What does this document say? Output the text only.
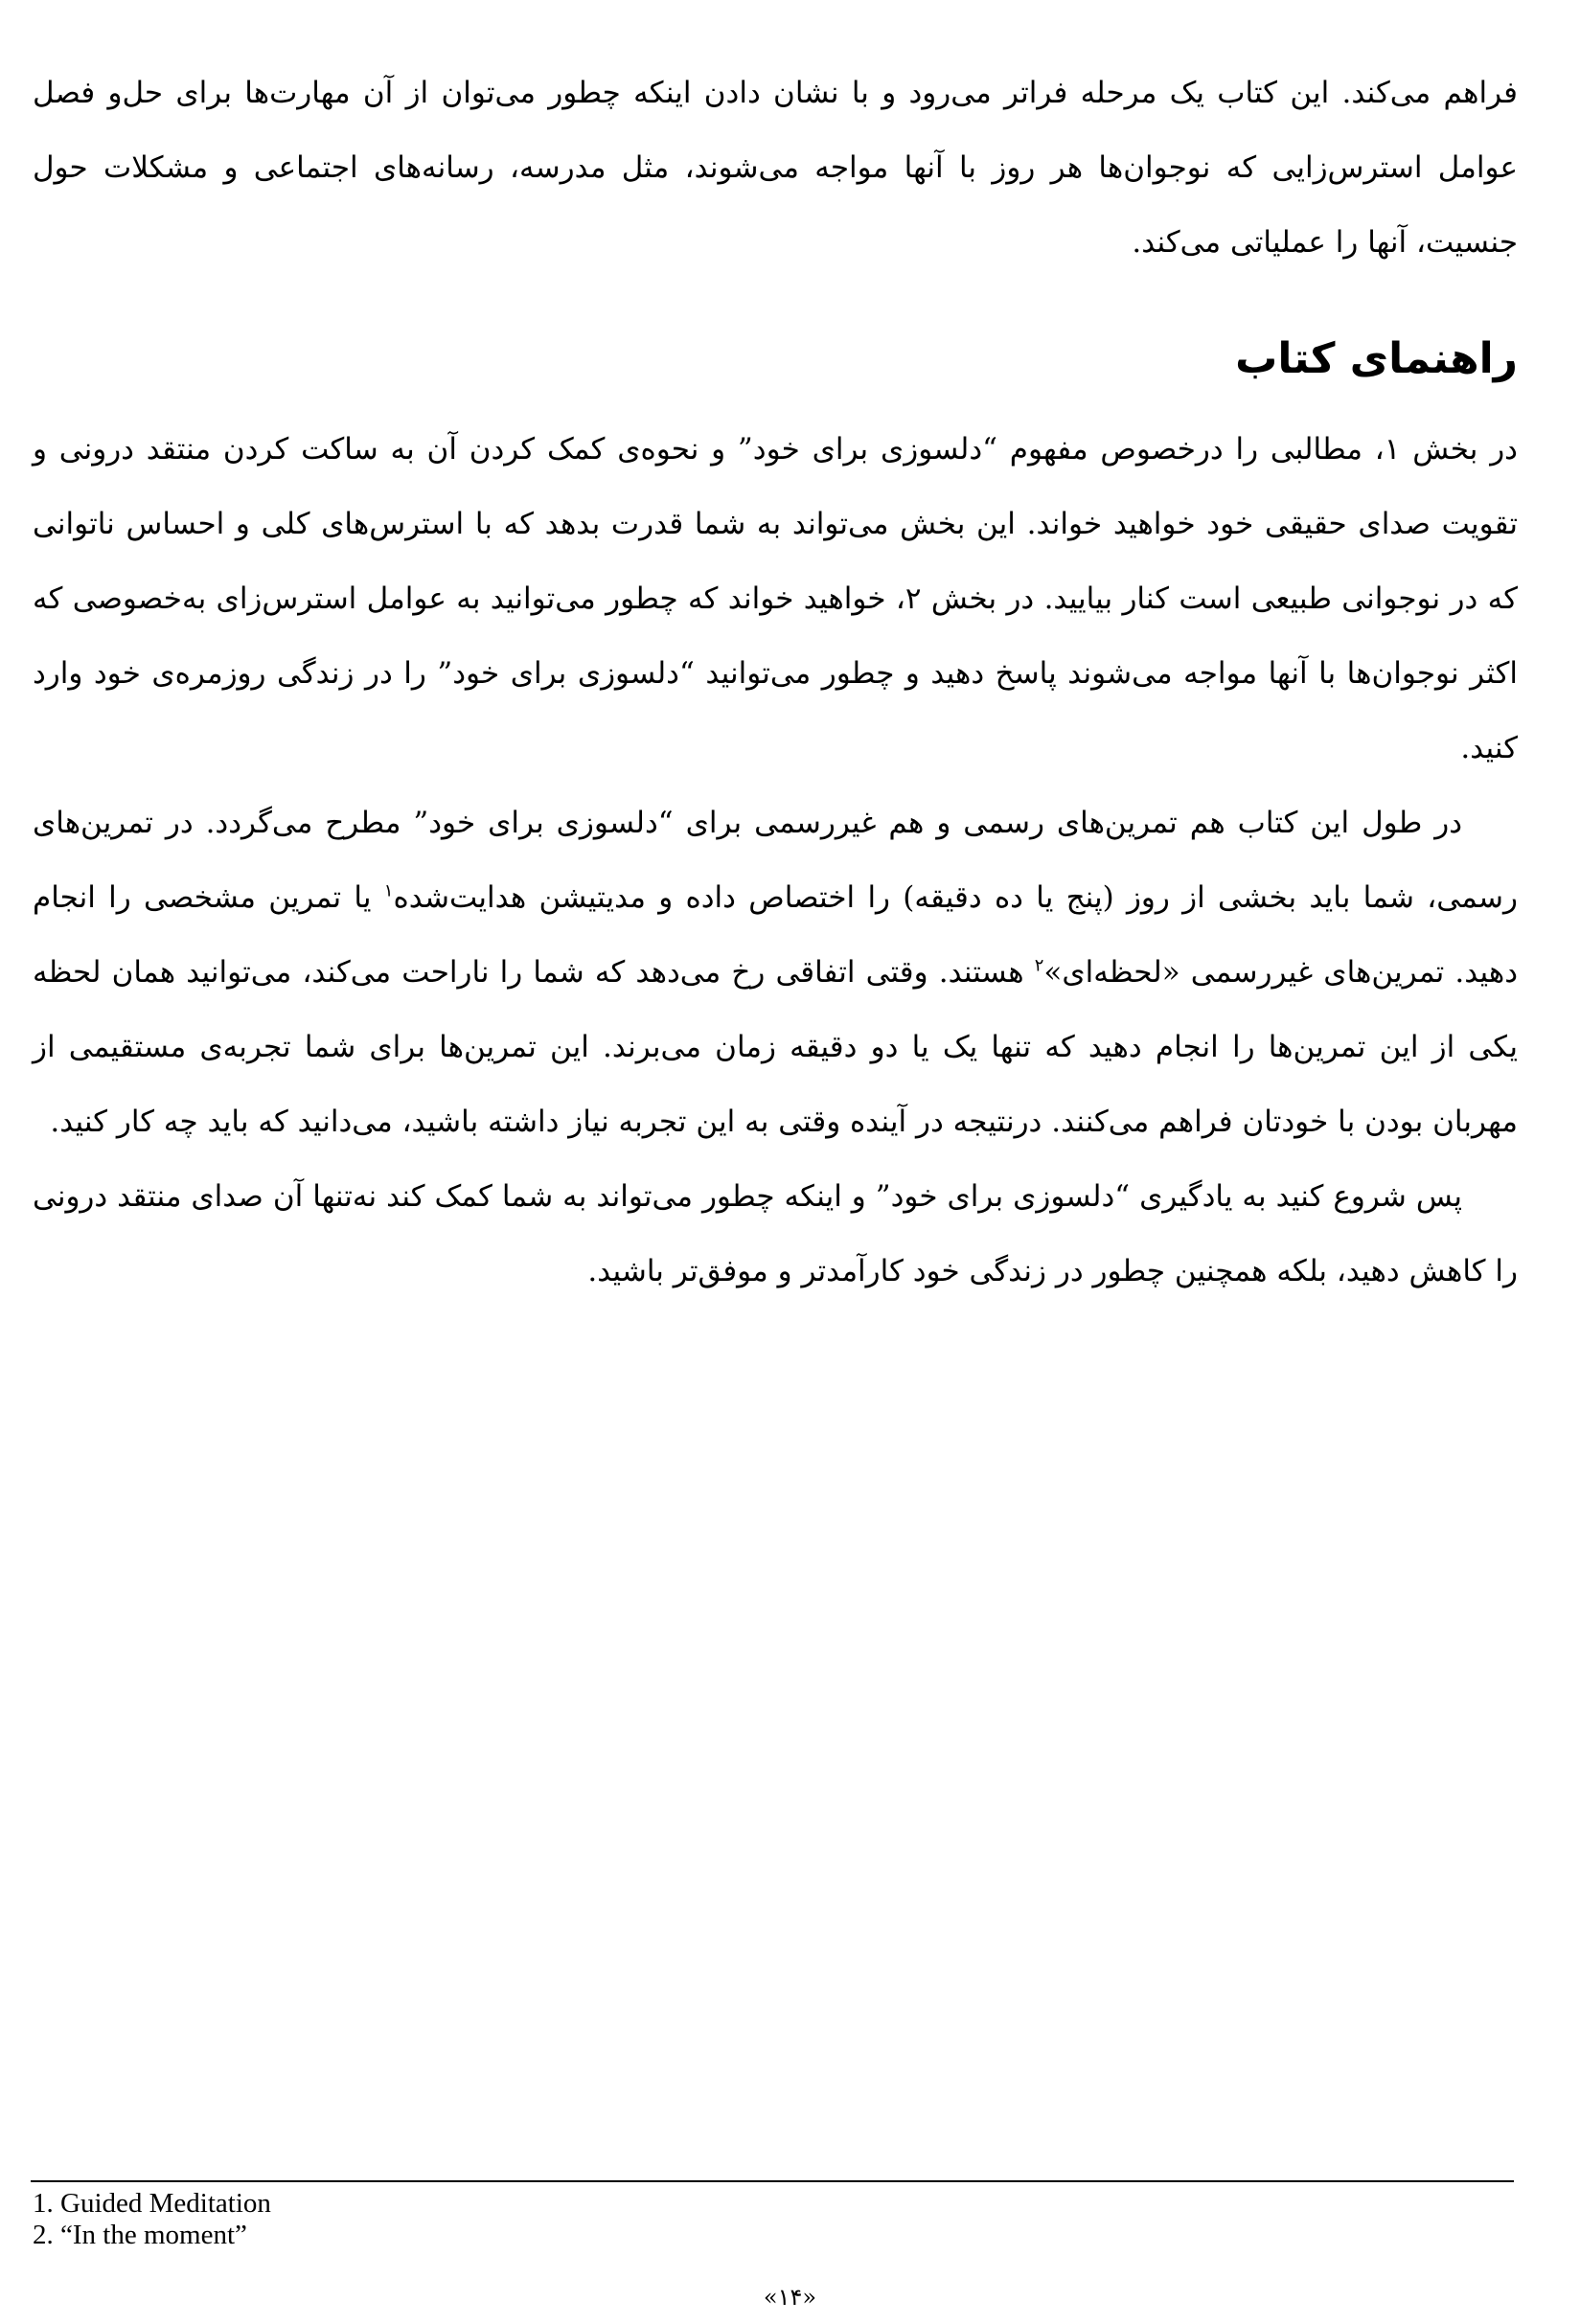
فراهم می‌کند. این کتاب یک مرحله فراتر می‌رود و با نشان دادن اینکه چطور می‌توان از آن مهارت‌ها برای حل‌و فصل عوامل استرس‌زایی که نوجوان‌ها هر روز با آنها مواجه می‌شوند، مثل مدرسه، رسانه‌های اجتماعی و مشکلات حول جنسیت، آنها را عملیاتی می‌کند.

راهنمای کتاب

در بخش ۱، مطالبی را درخصوص مفهوم “دلسوزی برای خود” و نحوه‌ی کمک کردن آن به ساکت کردن منتقد درونی و تقویت صدای حقیقی خود خواهید خواند. این بخش می‌تواند به شما قدرت بدهد که با استرس‌های کلی و احساس ناتوانی که در نوجوانی طبیعی است کنار بیایید. در بخش ۲، خواهید خواند که چطور می‌توانید به عوامل استرس‌زای به‌خصوصی که اکثر نوجوان‌ها با آنها مواجه می‌شوند پاسخ دهید و چطور می‌توانید “دلسوزی برای خود” را در زندگی روزمره‌ی خود وارد کنید.

در طول این کتاب هم تمرین‌های رسمی و هم غیررسمی برای “دلسوزی برای خود” مطرح می‌گردد. در تمرین‌های رسمی، شما باید بخشی از روز (پنج یا ده دقیقه) را اختصاص داده و مدیتیشن هدایت‌شده$^۱$ یا تمرین مشخصی را انجام دهید. تمرین‌های غیررسمی «لحظه‌ای»$^۲$ هستند. وقتی اتفاقی رخ می‌دهد که شما را ناراحت می‌کند، می‌توانید همان لحظه یکی از این تمرین‌ها را انجام دهید که تنها یک یا دو دقیقه زمان می‌برند. این تمرین‌ها برای شما تجربه‌ی مستقیمی از مهربان بودن با خودتان فراهم می‌کنند. درنتیجه در آینده وقتی به این تجربه نیاز داشته باشید، می‌دانید که باید چه کار کنید.

پس شروع کنید به یادگیری “دلسوزی برای خود” و اینکه چطور می‌تواند به شما کمک کند نه‌تنها آن صدای منتقد درونی را کاهش دهید، بلکه همچنین چطور در زندگی خود کارآمدتر و موفق‌تر باشید.

1. Guided Meditation

2. “In the moment”

«۱۴»
